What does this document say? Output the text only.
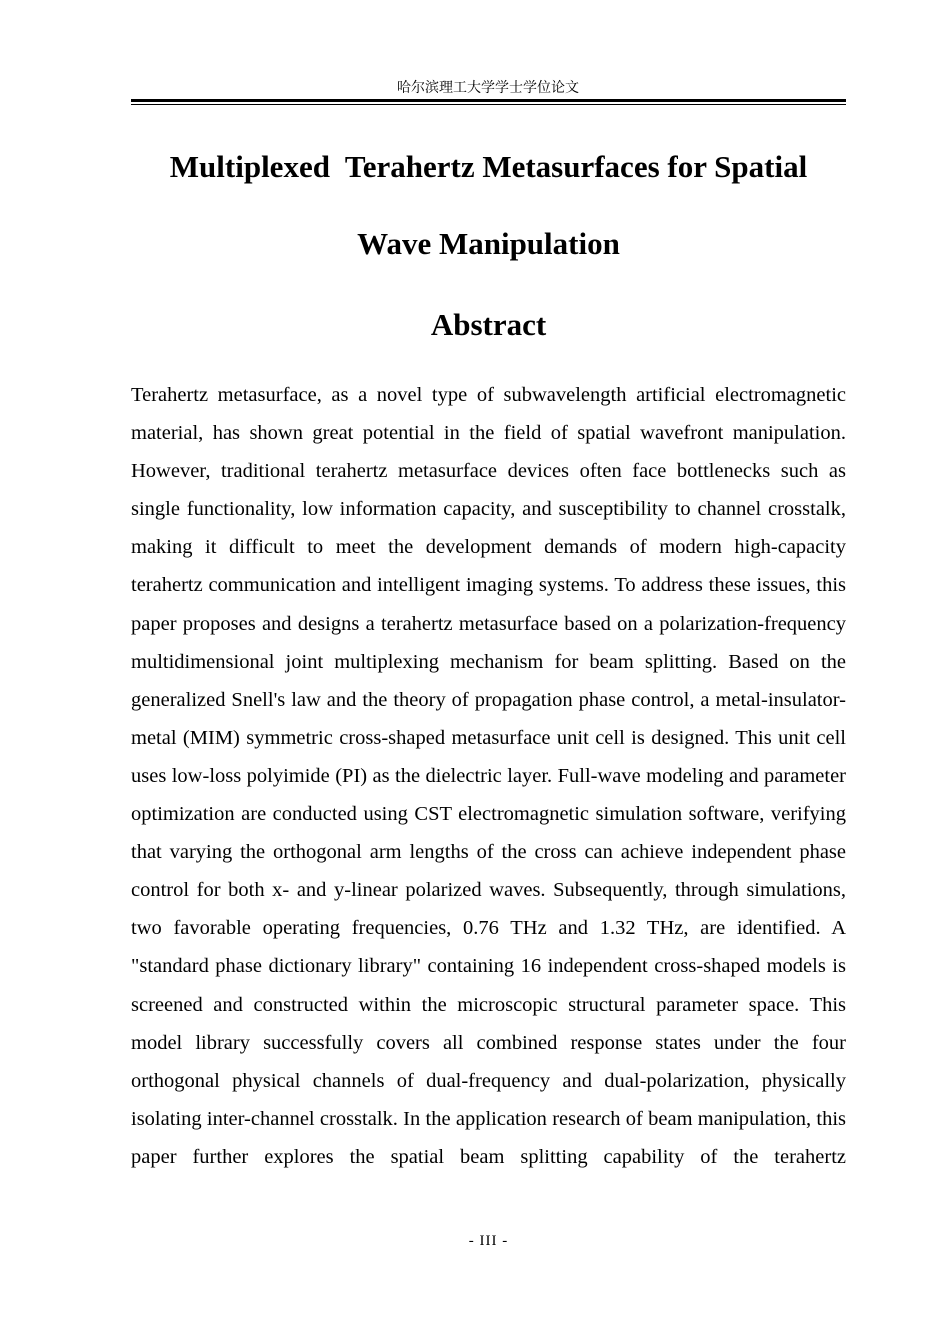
哈尔滨理工大学学士学位论文
Multiplexed  Terahertz Metasurfaces for Spatial Wave Manipulation
Abstract

Terahertz metasurface, as a novel type of subwavelength artificial electromagnetic material, has shown great potential in the field of spatial wavefront manipulation. However, traditional terahertz metasurface devices often face bottlenecks such as single functionality, low information capacity, and susceptibility to channel crosstalk, making it difficult to meet the development demands of modern high-capacity terahertz communication and intelligent imaging systems. To address these issues, this paper proposes and designs a terahertz metasurface based on a polarization-frequency multidimensional joint multiplexing mechanism for beam splitting. Based on the generalized Snell's law and the theory of propagation phase control, a metal-insulator-metal (MIM) symmetric cross-shaped metasurface unit cell is designed. This unit cell uses low-loss polyimide (PI) as the dielectric layer. Full-wave modeling and parameter optimization are conducted using CST electromagnetic simulation software, verifying that varying the orthogonal arm lengths of the cross can achieve independent phase control for both x- and y-linear polarized waves. Subsequently, through simulations, two favorable operating frequencies, 0.76 THz and 1.32 THz, are identified. A "standard phase dictionary library" containing 16 independent cross-shaped models is screened and constructed within the microscopic structural parameter space. This model library successfully covers all combined response states under the four orthogonal physical channels of dual-frequency and dual-polarization, physically isolating inter-channel crosstalk. In the application research of beam manipulation, this paper further explores the spatial beam splitting capability of the terahertz

- III -
